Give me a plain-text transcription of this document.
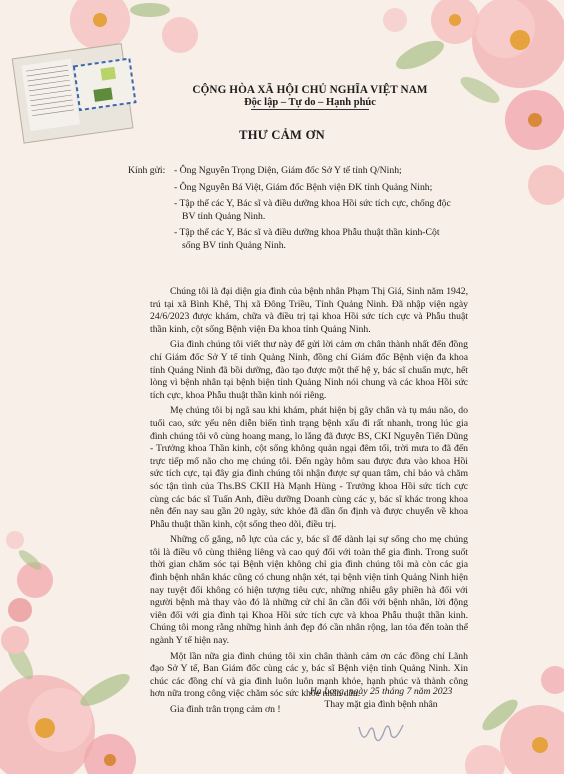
CỘNG HÒA XÃ HỘI CHỦ NGHĨA VIỆT NAM
Độc lập – Tự do – Hạnh phúc
THƯ CẢM ƠN
Kính gửi: - Ông Nguyễn Trọng Diện, Giám đốc Sở Y tế tỉnh Q/Ninh;
- Ông Nguyễn Bá Việt, Giám đốc Bệnh viện ĐK tỉnh Quảng Ninh;
- Tập thể các Y, Bác sĩ và điều dưỡng khoa Hồi sức tích cực, chống độc BV tỉnh Quảng Ninh.
- Tập thể các Y, Bác sĩ và điều dưỡng khoa Phẫu thuật thần kinh-Cột sống BV tỉnh Quảng Ninh.

Chúng tôi là đại diện gia đình của bệnh nhân Phạm Thị Giá, Sinh năm 1942, trú tại xã Bình Khê, Thị xã Đông Triều, Tỉnh Quảng Ninh. Đã nhập viện ngày 24/6/2023 được khám, chữa và điều trị tại khoa Hồi sức tích cực và Phẫu thuật thần kinh, cột sống Bệnh viện Đa khoa tỉnh Quảng Ninh.

Gia đình chúng tôi viết thư này để gửi lời cảm ơn chân thành nhất đến đồng chí Giám đốc Sở Y tế tỉnh Quảng Ninh, đồng chí Giám đốc Bệnh viện đa khoa tỉnh Quảng Ninh đã bồi dưỡng, đào tạo được một thế hệ y, bác sĩ chuẩn mực, hết lòng vì bệnh nhân tại bệnh biện tỉnh Quảng Ninh nói chung và các khoa Hồi sức tích cực, khoa Phẫu thuật thần kinh nói riêng.

Mẹ chúng tôi bị ngã sau khi khám, phát hiện bị gãy chân và tụ máu não, do tuổi cao, sức yếu nên diễn biến tình trạng bệnh xấu đi rất nhanh, trong lúc gia đình chúng tôi vô cùng hoang mang, lo lắng đã được BS, CKI Nguyễn Tiến Dũng - Trưởng khoa Thần kinh, cột sống không quản ngại đêm tối, trời mưa to đã đến trực tiếp mổ não cho mẹ chúng tôi. Đến ngày hôm sau được đưa vào khoa Hồi sức tích cực, tại đây gia đình chúng tôi nhận được sự quan tâm, chỉ bảo và chăm sóc tận tình của Ths.BS CKII Hà Mạnh Hùng - Trưởng khoa Hồi sức tích cực cùng các bác sĩ Tuấn Anh, điều dưỡng Doanh cùng các y, bác sĩ khác trong khoa nên đến nay sau gần 20 ngày, sức khỏe đã dần ổn định và được chuyển về khoa Phẫu thuật thần kinh, cột sống theo dõi, điều trị.

Những cố gắng, nỗ lực của các y, bác sĩ để dành lại sự sống cho mẹ chúng tôi là điều vô cùng thiêng liêng và cao quý đối với toàn thể gia đình. Trong suốt thời gian chăm sóc tại Bệnh viện không chỉ gia đình chúng tôi mà còn các gia đình bệnh nhân khác cũng có chung nhận xét, tại bệnh viện tỉnh Quảng Ninh hiện nay tuyệt đối không có hiện tượng tiêu cực, những nhiễu gây phiền hà đối với người bệnh mà thay vào đó là những cử chỉ ân cần đối với bệnh nhân, lời động viên đối với gia đình tại Khoa Hồi sức tích cực và khoa Phẫu thuật thần kinh. Chúng tôi mong rằng những hình ảnh đẹp đó cần nhân rộng, lan tỏa đến toàn thể ngành Y tế hiện nay.

Một lần nữa gia đình chúng tôi xin chân thành cảm ơn các đồng chí Lãnh đạo Sở Y tế, Ban Giám đốc cùng các y, bác sĩ Bệnh viện tỉnh Quảng Ninh. Xin chúc các đồng chí và gia đình luôn luôn mạnh khỏe, hạnh phúc và thành công hơn nữa trong công việc chăm sóc sức khỏe nhân dân.

Gia đình trân trọng cảm ơn !

Hạ Long, ngày 25 tháng 7 năm 2023
Thay mặt gia đình bệnh nhân
